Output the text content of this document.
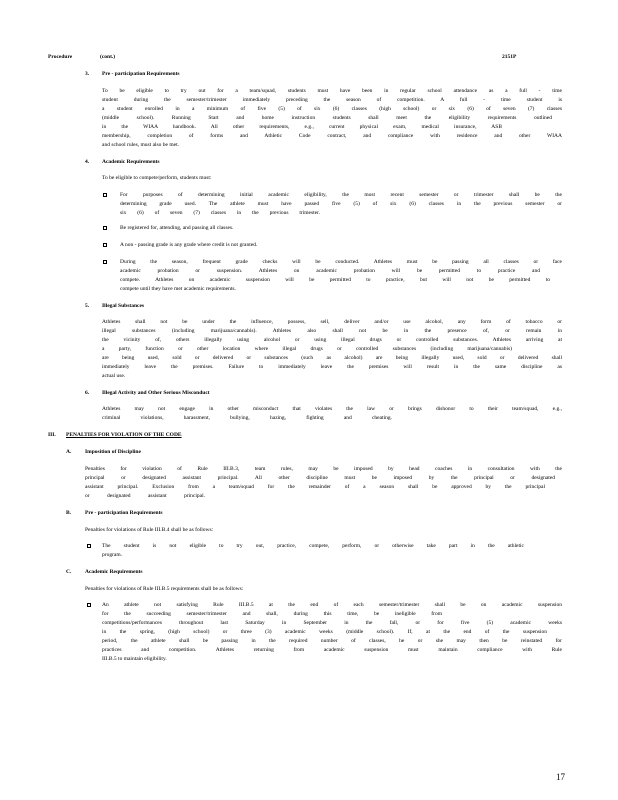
Procedure	(cont.)	2151P
3. Pre - participation Requirements
To be eligible to try out for a team/squad, students must have been in regular school attendance as a full - time
student during the semester/trimester immediately preceding the season of competition. A full - time student is
a student enrolled in a minimum of five (5) of six (6) classes (high school) or six (6) of seven (7) classes
(middle school). Running Start and home instruction students shall meet the eligibility requirements outlined
in the WIAA handbook. All other requirements, e.g., current physical exam, medical insurance, ASB
membership, completion of forms and Athletic Code contract, and compliance with residence and other WIAA
and school rules, must also be met.
4. Academic Requirements
To be eligible to compete/perform, students must:
For purposes of determining initial academic eligibility, the most recent semester or trimester shall be the
determining grade used. The athlete must have passed five (5) of six (6) classes in the previous semester or
six (6) of seven (7) classes in the previous trimester.
Be registered for, attending, and passing all classes.
A non - passing grade is any grade where credit is not granted.
During the season, frequent grade checks will be conducted. Athletes must be passing all classes or face
academic probation or suspension. Athletes on academic probation will be permitted to practice and
compete. Athletes on academic suspension will be permitted to practice, but will not be permitted to
compete until they have met academic requirements.
5. Illegal Substances
Athletes shall not be under the influence, possess, sell, deliver and/or use alcohol, any form of tobacco or
illegal substances (including marijuana/cannabis). Athletes also shall not be in the presence of, or remain in
the vicinity of, others illegally using alcohol or using illegal drugs or controlled substances. Athletes arriving at
a party, function or other location where illegal drugs or controlled substances (including marijuana/cannabis)
are being used, sold or delivered or substances (such as alcohol) are being illegally used, sold or delivered shall
immediately leave the premises. Failure to immediately leave the premises will result in the same discipline as
actual use.
6. Illegal Activity and Other Serious Misconduct
Athletes may not engage in other misconduct that violates the law or brings dishonor to their team/squad, e.g.,
criminal violations, harassment, bullying, hazing, fighting and cheating.
III. PENALTIES FOR VIOLATION OF THE CODE
A. Imposition of Discipline
Penalties for violation of Rule III.B.3, team rules, may be imposed by head coaches in consultation with the
principal or designated assistant principal. All other discipline must be imposed by the principal or designated
assistant principal. Exclusion from a team/squad for the remainder of a season shall be approved by the principal
or designated assistant principal.
B.	Pre - participation Requirements
Penalties for violations of Rule III.B.4 shall be as follows:
The student is not eligible to try out, practice, compete, perform, or otherwise take part in the athletic
program.
C. Academic Requirements
Penalties for violations of Rule III.B.5 requirements shall be as follows:
An athlete not satisfying Rule III.B.5 at the end of each semester/trimester shall be on academic suspension
for the succeeding semester/trimester and shall, during this time, be ineligible from
competitions/performances throughout last Saturday in September in the fall, or for five (5) academic weeks
in the spring, (high school) or three (3) academic weeks (middle school). If, at the end of the suspension
period, the athlete shall be passing in the required number of classes, he or she may then be reinstated for
practices and competition. Athletes returning from academic suspension must maintain compliance with Rule
III.B.5 to maintain eligibility.
17
